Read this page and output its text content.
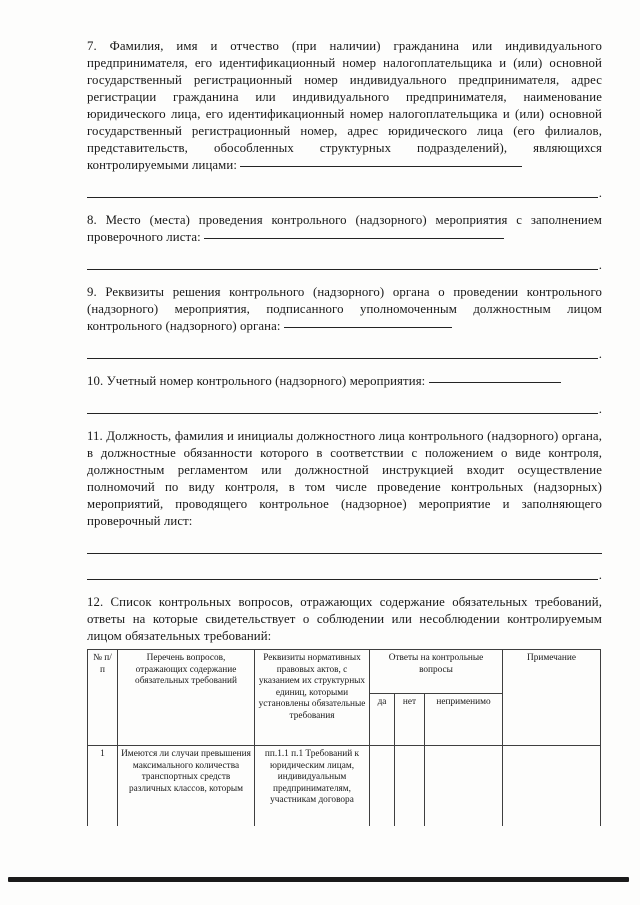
7. Фамилия, имя и отчество (при наличии) гражданина или индивидуального предпринимателя, его идентификационный номер налогоплательщика и (или) основной государственный регистрационный номер индивидуального предпринимателя, адрес регистрации гражданина или индивидуального предпринимателя, наименование юридического лица, его идентификационный номер налогоплательщика и (или) основной государственный регистрационный номер, адрес юридического лица (его филиалов, представительств, обособленных структурных подразделений), являющихся контролируемыми лицами:
.
8. Место (места) проведения контрольного (надзорного) мероприятия с заполнением проверочного листа:
.
9. Реквизиты решения контрольного (надзорного) органа о проведении контрольного (надзорного) мероприятия, подписанного уполномоченным должностным лицом контрольного (надзорного) органа:
.
10. Учетный номер контрольного (надзорного) мероприятия:
.
11. Должность, фамилия и инициалы должностного лица контрольного (надзорного) органа, в должностные обязанности которого в соответствии с положением о виде контроля, должностным регламентом или должностной инструкцией входит осуществление полномочий по виду контроля, в том числе проведение контрольных (надзорных) мероприятий, проводящего контрольное (надзорное) мероприятие и заполняющего проверочный лист:
.
12. Список контрольных вопросов, отражающих содержание обязательных требований, ответы на которые свидетельствует о соблюдении или несоблюдении контролируемым лицом обязательных требований:
№ п/п	Перечень вопросов, отражающих содержание обязательных требований	Реквизиты нормативных правовых актов, с указанием их структурных единиц, которыми установлены обязательные требования	Ответы на контрольные вопросы			Примечание
			да	нет	неприменимо	
1	Имеются ли случаи превышения максимального количества транспортных средств различных классов, которым	пп.1.1 п.1 Требований к юридическим лицам, индивидуальным предпринимателям, участникам договора				
